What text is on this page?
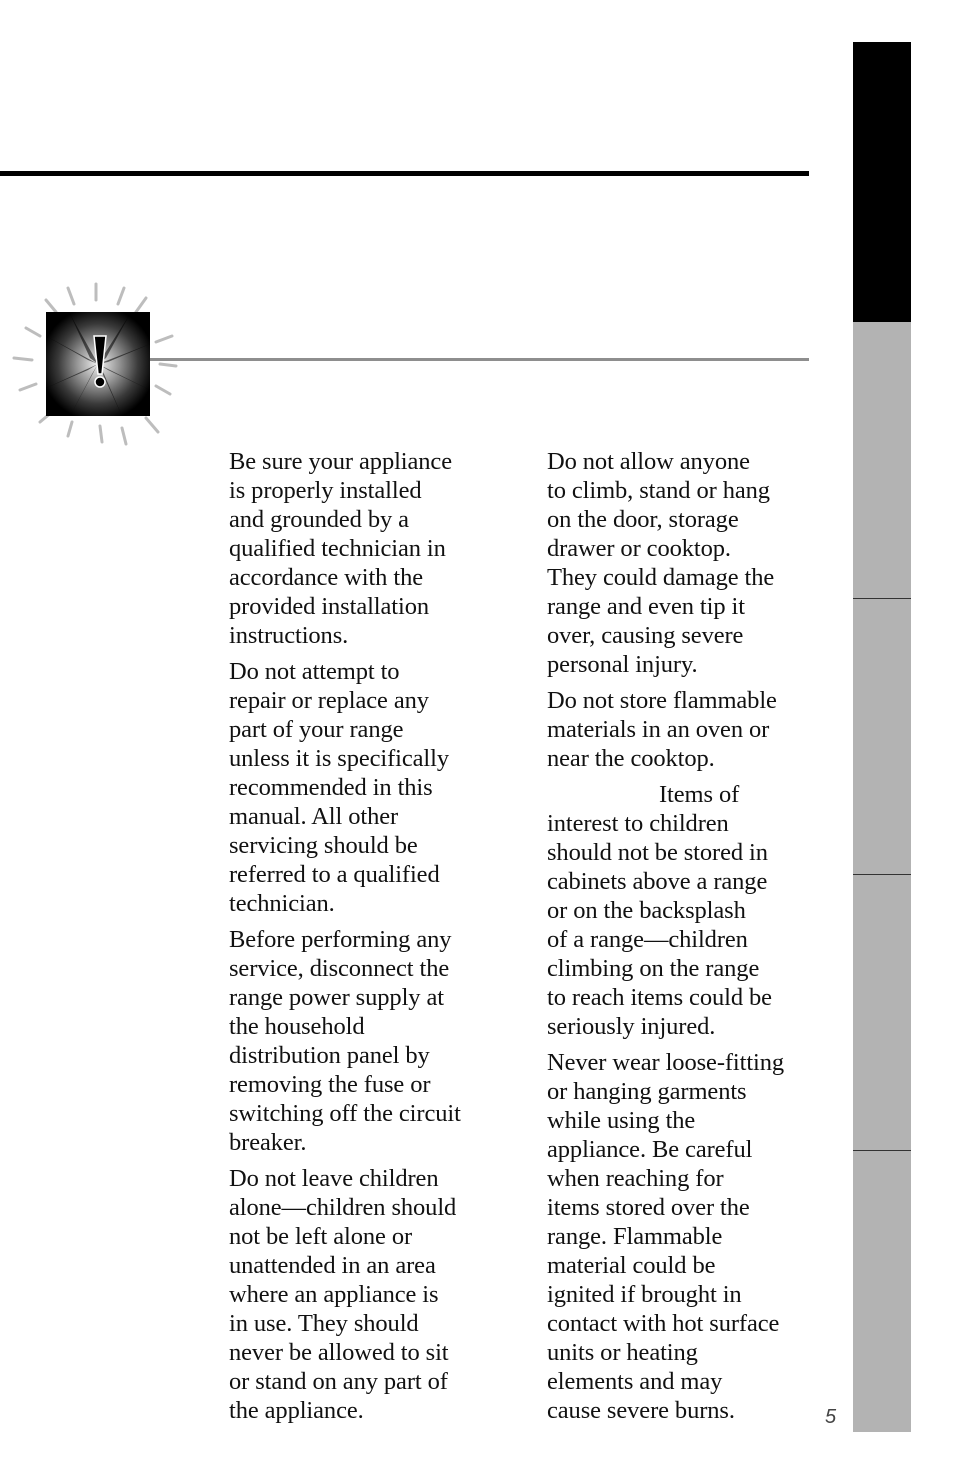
Be sure your appliance
is properly installed
and grounded by a
qualified technician in
accordance with the
provided installation
instructions.

Do not attempt to
repair or replace any
part of your range
unless it is specifically
recommended in this
manual. All other
servicing should be
referred to a qualified
technician.

Before performing any
service, disconnect the
range power supply at
the household
distribution panel by
removing the fuse or
switching off the circuit
breaker.

Do not leave children
alone—children should
not be left alone or
unattended in an area
where an appliance is
in use. They should
never be allowed to sit
or stand on any part of
the appliance.

Do not allow anyone
to climb, stand or hang
on the door, storage
drawer or cooktop.
They could damage the
range and even tip it
over, causing severe
personal injury.

Do not store flammable
materials in an oven or
near the cooktop.

Items of
interest to children
should not be stored in
cabinets above a range
or on the backsplash
of a range—children
climbing on the range
to reach items could be
seriously injured.

Never wear loose-fitting
or hanging garments
while using the
appliance. Be careful
when reaching for
items stored over the
range. Flammable
material could be
ignited if brought in
contact with hot surface
units or heating
elements and may
cause severe burns.	5
